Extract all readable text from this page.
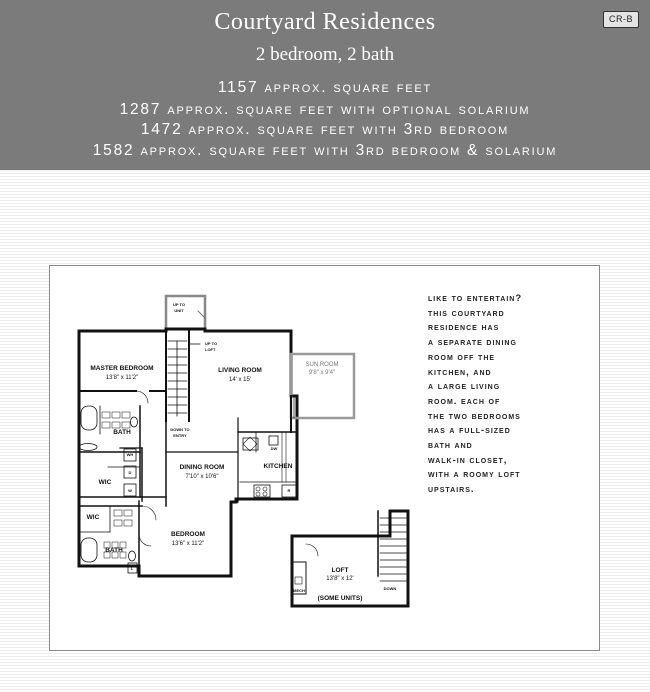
Courtyard Residences
2 bedroom, 2 bath
1157 approx. square feet
1287 approx. square feet with optional solarium
1472 approx. square feet with 3rd bedroom
1582 approx. square feet with 3rd bedroom & solarium
CR-B
UP TO
UNIT
UP TO
LOFT
MASTER BEDROOM
13'8" x 11'2"
LIVING ROOM
14' x 15'
SUN ROOM
9'8" x 9'4"
BATH
WH
D
W
WIC
DOWN TO
ENTRY
DINING ROOM
7'10" x 10'6"
DW
KITCHEN
R
WIC
BATH
L
BEDROOM
13'6" x 11'2"
LOFT
13'8" x 12'
(SOME UNITS)
MECH	DOWN
like to entertain?
this courtyard
residence has
a separate dining
room off the
kitchen, and
a large living
room. each of
the two bedrooms
has a full-sized
bath and
walk-in closet,
with a roomy loft
upstairs.
